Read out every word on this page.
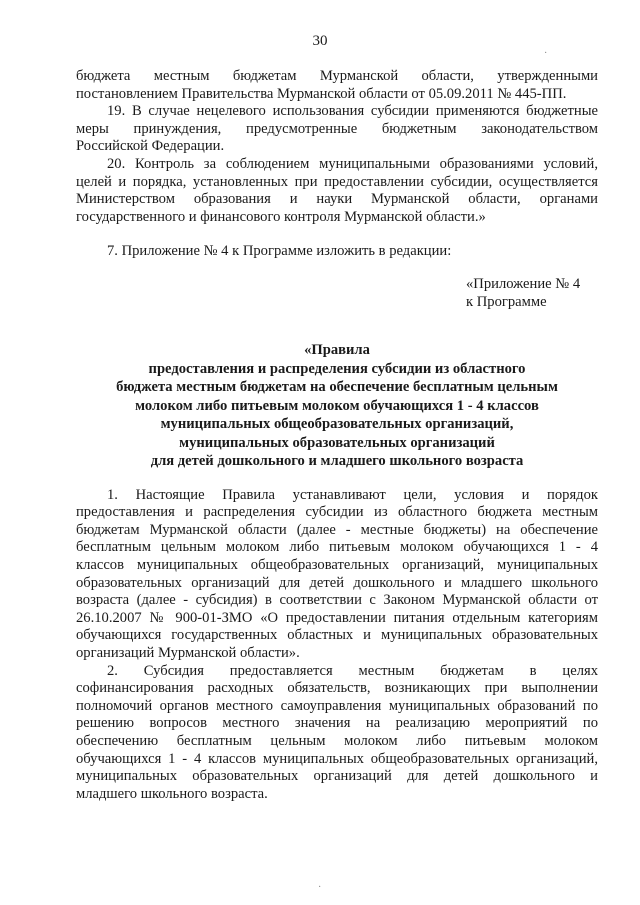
30
бюджета местным бюджетам Мурманской области, утвержденными
постановлением Правительства Мурманской области от 05.09.2011 № 445-ПП.
19. В случае нецелевого использования субсидии применяются бюджетные
меры принуждения, предусмотренные бюджетным законодательством
Российской Федерации.
20. Контроль за соблюдением муниципальными образованиями условий,
целей и порядка, установленных при предоставлении субсидии, осуществляется
Министерством образования и науки Мурманской области, органами
государственного и финансового контроля Мурманской области.»
7. Приложение № 4 к Программе изложить в редакции:
«Приложение № 4
к Программе
«Правила
предоставления и распределения субсидии из областного
бюджета местным бюджетам на обеспечение бесплатным цельным
молоком либо питьевым молоком обучающихся 1 - 4 классов
муниципальных общеобразовательных организаций,
муниципальных образовательных организаций
для детей дошкольного и младшего школьного возраста
1. Настоящие Правила устанавливают цели, условия и порядок
предоставления и распределения субсидии из областного бюджета местным
бюджетам Мурманской области (далее - местные бюджеты) на обеспечение
бесплатным цельным молоком либо питьевым молоком обучающихся 1 - 4
классов муниципальных общеобразовательных организаций, муниципальных
образовательных организаций для детей дошкольного и младшего школьного
возраста (далее - субсидия) в соответствии с Законом Мурманской области от
26.10.2007 № 900-01-ЗМО «О предоставлении питания отдельным категориям
обучающихся государственных областных и муниципальных образовательных
организаций Мурманской области».
2. Субсидия предоставляется местным бюджетам в целях
софинансирования расходных обязательств, возникающих при выполнении
полномочий органов местного самоуправления муниципальных образований по
решению вопросов местного значения на реализацию мероприятий по
обеспечению бесплатным цельным молоком либо питьевым молоком
обучающихся 1 - 4 классов муниципальных общеобразовательных организаций,
муниципальных образовательных организаций для детей дошкольного и
младшего школьного возраста.
·
·
